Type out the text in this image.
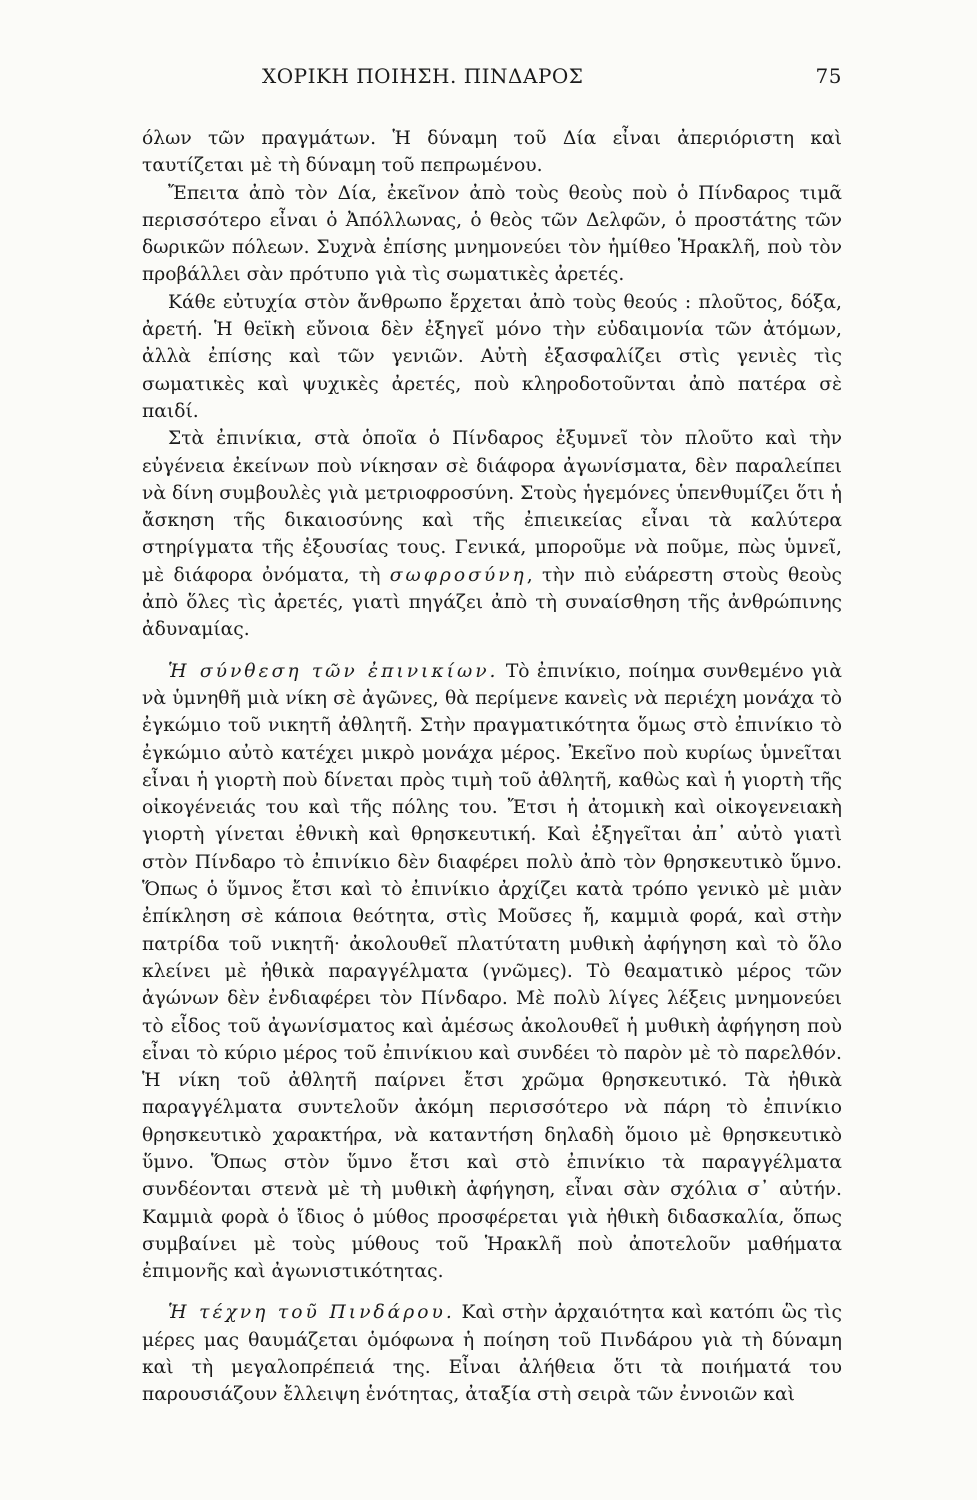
ΧΟΡΙΚΗ ΠΟΙΗΣΗ. ΠΙΝΔΑΡΟΣ	75

όλων τῶν πραγμάτων. Ἡ δύναμη τοῦ Δία εἶναι ἀπεριόριστη καὶ ταυτίζεται μὲ τὴ δύναμη τοῦ πεπρωμένου.

Ἔπειτα ἀπὸ τὸν Δία, ἐκεῖνον ἀπὸ τοὺς θεοὺς ποὺ ὁ Πίνδαρος τιμᾶ περισσότερο εἶναι ὁ Ἀπόλλωνας, ὁ θεὸς τῶν Δελφῶν, ὁ προστάτης τῶν δωρικῶν πόλεων. Συχνὰ ἐπίσης μνημονεύει τὸν ἡμίθεο Ἡρακλῆ, ποὺ τὸν προβάλλει σὰν πρότυπο γιὰ τὶς σωματικὲς ἀρετές.

Κάθε εὐτυχία στὸν ἄνθρωπο ἔρχεται ἀπὸ τοὺς θεούς : πλοῦτος, δόξα, ἀρετή. Ἡ θεϊκὴ εὔνοια δὲν ἐξηγεῖ μόνο τὴν εὐδαιμονία τῶν ἀτόμων, ἀλλὰ ἐπίσης καὶ τῶν γενιῶν. Αὐτὴ ἐξασφαλίζει στὶς γενιὲς τὶς σωματικὲς καὶ ψυχικὲς ἀρετές, ποὺ κληροδοτοῦνται ἀπὸ πατέρα σὲ παιδί.

Στὰ ἐπινίκια, στὰ ὁποῖα ὁ Πίνδαρος ἐξυμνεῖ τὸν πλοῦτο καὶ τὴν εὐγένεια ἐκείνων ποὺ νίκησαν σὲ διάφορα ἀγωνίσματα, δὲν παραλείπει νὰ δίνη συμβουλὲς γιὰ μετριοφροσύνη. Στοὺς ἡγεμόνες ὑπενθυμίζει ὅτι ἡ ἄσκηση τῆς δικαιοσύνης καὶ τῆς ἐπιεικείας εἶναι τὰ καλύτερα στηρίγματα τῆς ἐξουσίας τους. Γενικά, μποροῦμε νὰ ποῦμε, πὼς ὑμνεῖ, μὲ διάφορα ὀνόματα, τὴ σωφροσύνη, τὴν πιὸ εὐάρεστη στοὺς θεοὺς ἀπὸ ὅλες τὶς ἀρετές, γιατὶ πηγάζει ἀπὸ τὴ συναίσθηση τῆς ἀνθρώπινης ἀδυναμίας.

Ἡ σύνθεση τῶν ἐπινικίων. Τὸ ἐπινίκιο, ποίημα συνθεμένο γιὰ νὰ ὑμνηθῆ μιὰ νίκη σὲ ἀγῶνες, θὰ περίμενε κανεὶς νὰ περιέχη μονάχα τὸ ἐγκώμιο τοῦ νικητῆ ἀθλητῆ. Στὴν πραγματικότητα ὅμως στὸ ἐπινίκιο τὸ ἐγκώμιο αὐτὸ κατέχει μικρὸ μονάχα μέρος. Ἐκεῖνο ποὺ κυρίως ὑμνεῖται εἶναι ἡ γιορτὴ ποὺ δίνεται πρὸς τιμὴ τοῦ ἀθλητῆ, καθὼς καὶ ἡ γιορτὴ τῆς οἰκογένειάς του καὶ τῆς πόλης του. Ἔτσι ἡ ἀτομικὴ καὶ οἰκογενειακὴ γιορτὴ γίνεται ἐθνικὴ καὶ θρησκευτική. Καὶ ἐξηγεῖται ἀπ᾽ αὐτὸ γιατὶ στὸν Πίνδαρο τὸ ἐπινίκιο δὲν διαφέρει πολὺ ἀπὸ τὸν θρησκευτικὸ ὕμνο. Ὅπως ὁ ὕμνος ἔτσι καὶ τὸ ἐπινίκιο ἀρχίζει κατὰ τρόπο γενικὸ μὲ μιὰν ἐπίκληση σὲ κάποια θεότητα, στὶς Μοῦσες ἤ, καμμιὰ φορά, καὶ στὴν πατρίδα τοῦ νικητῆ· ἀκολουθεῖ πλατύτατη μυθικὴ ἀφήγηση καὶ τὸ ὅλο κλείνει μὲ ἠθικὰ παραγγέλματα (γνῶμες). Τὸ θεαματικὸ μέρος τῶν ἀγώνων δὲν ἐνδιαφέρει τὸν Πίνδαρο. Μὲ πολὺ λίγες λέξεις μνημονεύει τὸ εἶδος τοῦ ἀγωνίσματος καὶ ἀμέσως ἀκολουθεῖ ἡ μυθικὴ ἀφήγηση ποὺ εἶναι τὸ κύριο μέρος τοῦ ἐπινίκιου καὶ συνδέει τὸ παρὸν μὲ τὸ παρελθόν. Ἡ νίκη τοῦ ἀθλητῆ παίρνει ἔτσι χρῶμα θρησκευτικό. Τὰ ἠθικὰ παραγγέλματα συντελοῦν ἀκόμη περισσότερο νὰ πάρη τὸ ἐπινίκιο θρησκευτικὸ χαρακτήρα, νὰ καταντήση δηλαδὴ ὅμοιο μὲ θρησκευτικὸ ὕμνο. Ὅπως στὸν ὕμνο ἔτσι καὶ στὸ ἐπινίκιο τὰ παραγγέλματα συνδέονται στενὰ μὲ τὴ μυθικὴ ἀφήγηση, εἶναι σὰν σχόλια σ᾽ αὐτήν. Καμμιὰ φορὰ ὁ ἴδιος ὁ μύθος προσφέρεται γιὰ ἠθικὴ διδασκαλία, ὅπως συμβαίνει μὲ τοὺς μύθους τοῦ Ἡρακλῆ ποὺ ἀποτελοῦν μαθήματα ἐπιμονῆς καὶ ἀγωνιστικότητας.

Ἡ τέχνη τοῦ Πινδάρου. Καὶ στὴν ἀρχαιότητα καὶ κατόπι ὣς τὶς μέρες μας θαυμάζεται ὁμόφωνα ἡ ποίηση τοῦ Πινδάρου γιὰ τὴ δύναμη καὶ τὴ μεγαλοπρέπειά της. Εἶναι ἀλήθεια ὅτι τὰ ποιήματά του παρουσιάζουν ἔλλειψη ἑνότητας, ἀταξία στὴ σειρὰ τῶν ἐννοιῶν καὶ
